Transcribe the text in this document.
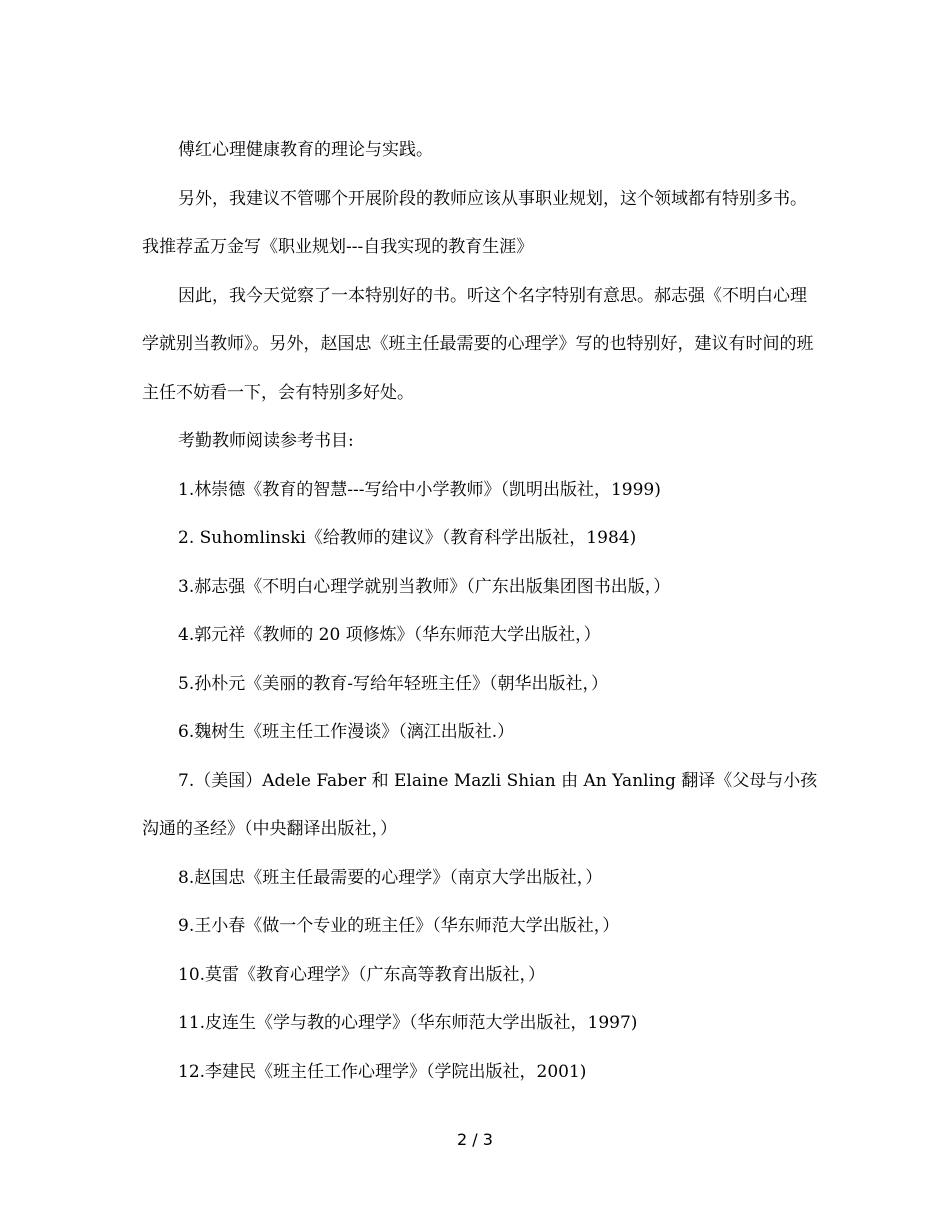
傅红心理健康教育的理论与实践。

另外，我建议不管哪个开展阶段的教师应该从事职业规划，这个领域都有特别多书。我推荐孟万金写《职业规划---自我实现的教育生涯》

因此，我今天觉察了一本特别好的书。听这个名字特别有意思。郝志强《不明白心理学就别当教师》。另外，赵国忠《班主任最需要的心理学》写的也特别好，建议有时间的班主任不妨看一下，会有特别多好处。

考勤教师阅读参考书目:

1.林崇德《教育的智慧---写给中小学教师》（凯明出版社，1999)

2. Suhomlinski《给教师的建议》（教育科学出版社，1984)

3.郝志强《不明白心理学就别当教师》（广东出版集团图书出版，）

4.郭元祥《教师的 20 项修炼》（华东师范大学出版社，）

5.孙朴元《美丽的教育-写给年轻班主任》（朝华出版社，）

6.魏树生《班主任工作漫谈》（漓江出版社.）

7.（美国）Adele Faber 和 Elaine Mazli Shian 由 An Yanling 翻译《父母与小孩沟通的圣经》（中央翻译出版社，）

8.赵国忠《班主任最需要的心理学》（南京大学出版社，）

9.王小春《做一个专业的班主任》（华东师范大学出版社，）

10.莫雷《教育心理学》（广东高等教育出版社，）

11.皮连生《学与教的心理学》（华东师范大学出版社，1997)

12.李建民《班主任工作心理学》（学院出版社，2001)

2 / 3
